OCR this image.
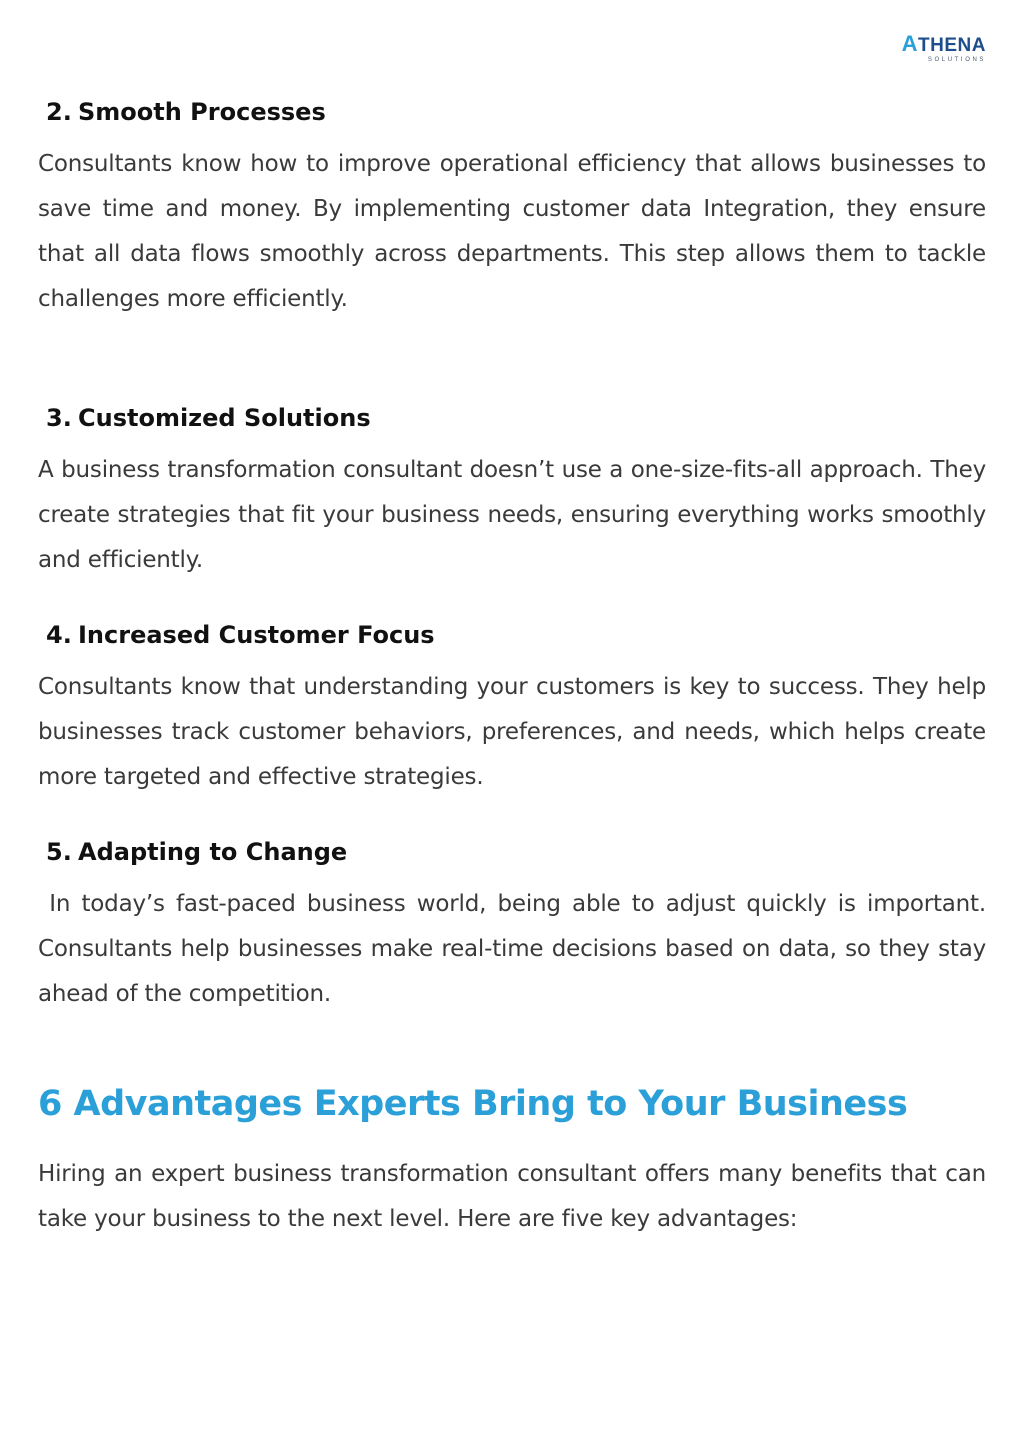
ATHENA
SOLUTIONS
2. Smooth Processes

Consultants know how to improve operational efficiency that allows businesses to save time and money. By implementing customer data Integration, they ensure that all data flows smoothly across departments. This step allows them to tackle challenges more efficiently.

3. Customized Solutions

A business transformation consultant doesn’t use a one-size-fits-all approach. They create strategies that fit your business needs, ensuring everything works smoothly and efficiently.

4. Increased Customer Focus

Consultants know that understanding your customers is key to success. They help businesses track customer behaviors, preferences, and needs, which helps create more targeted and effective strategies.

5. Adapting to Change

In today’s fast-paced business world, being able to adjust quickly is important. Consultants help businesses make real-time decisions based on data, so they stay ahead of the competition.

6 Advantages Experts Bring to Your Business

Hiring an expert business transformation consultant offers many benefits that can take your business to the next level. Here are five key advantages:
